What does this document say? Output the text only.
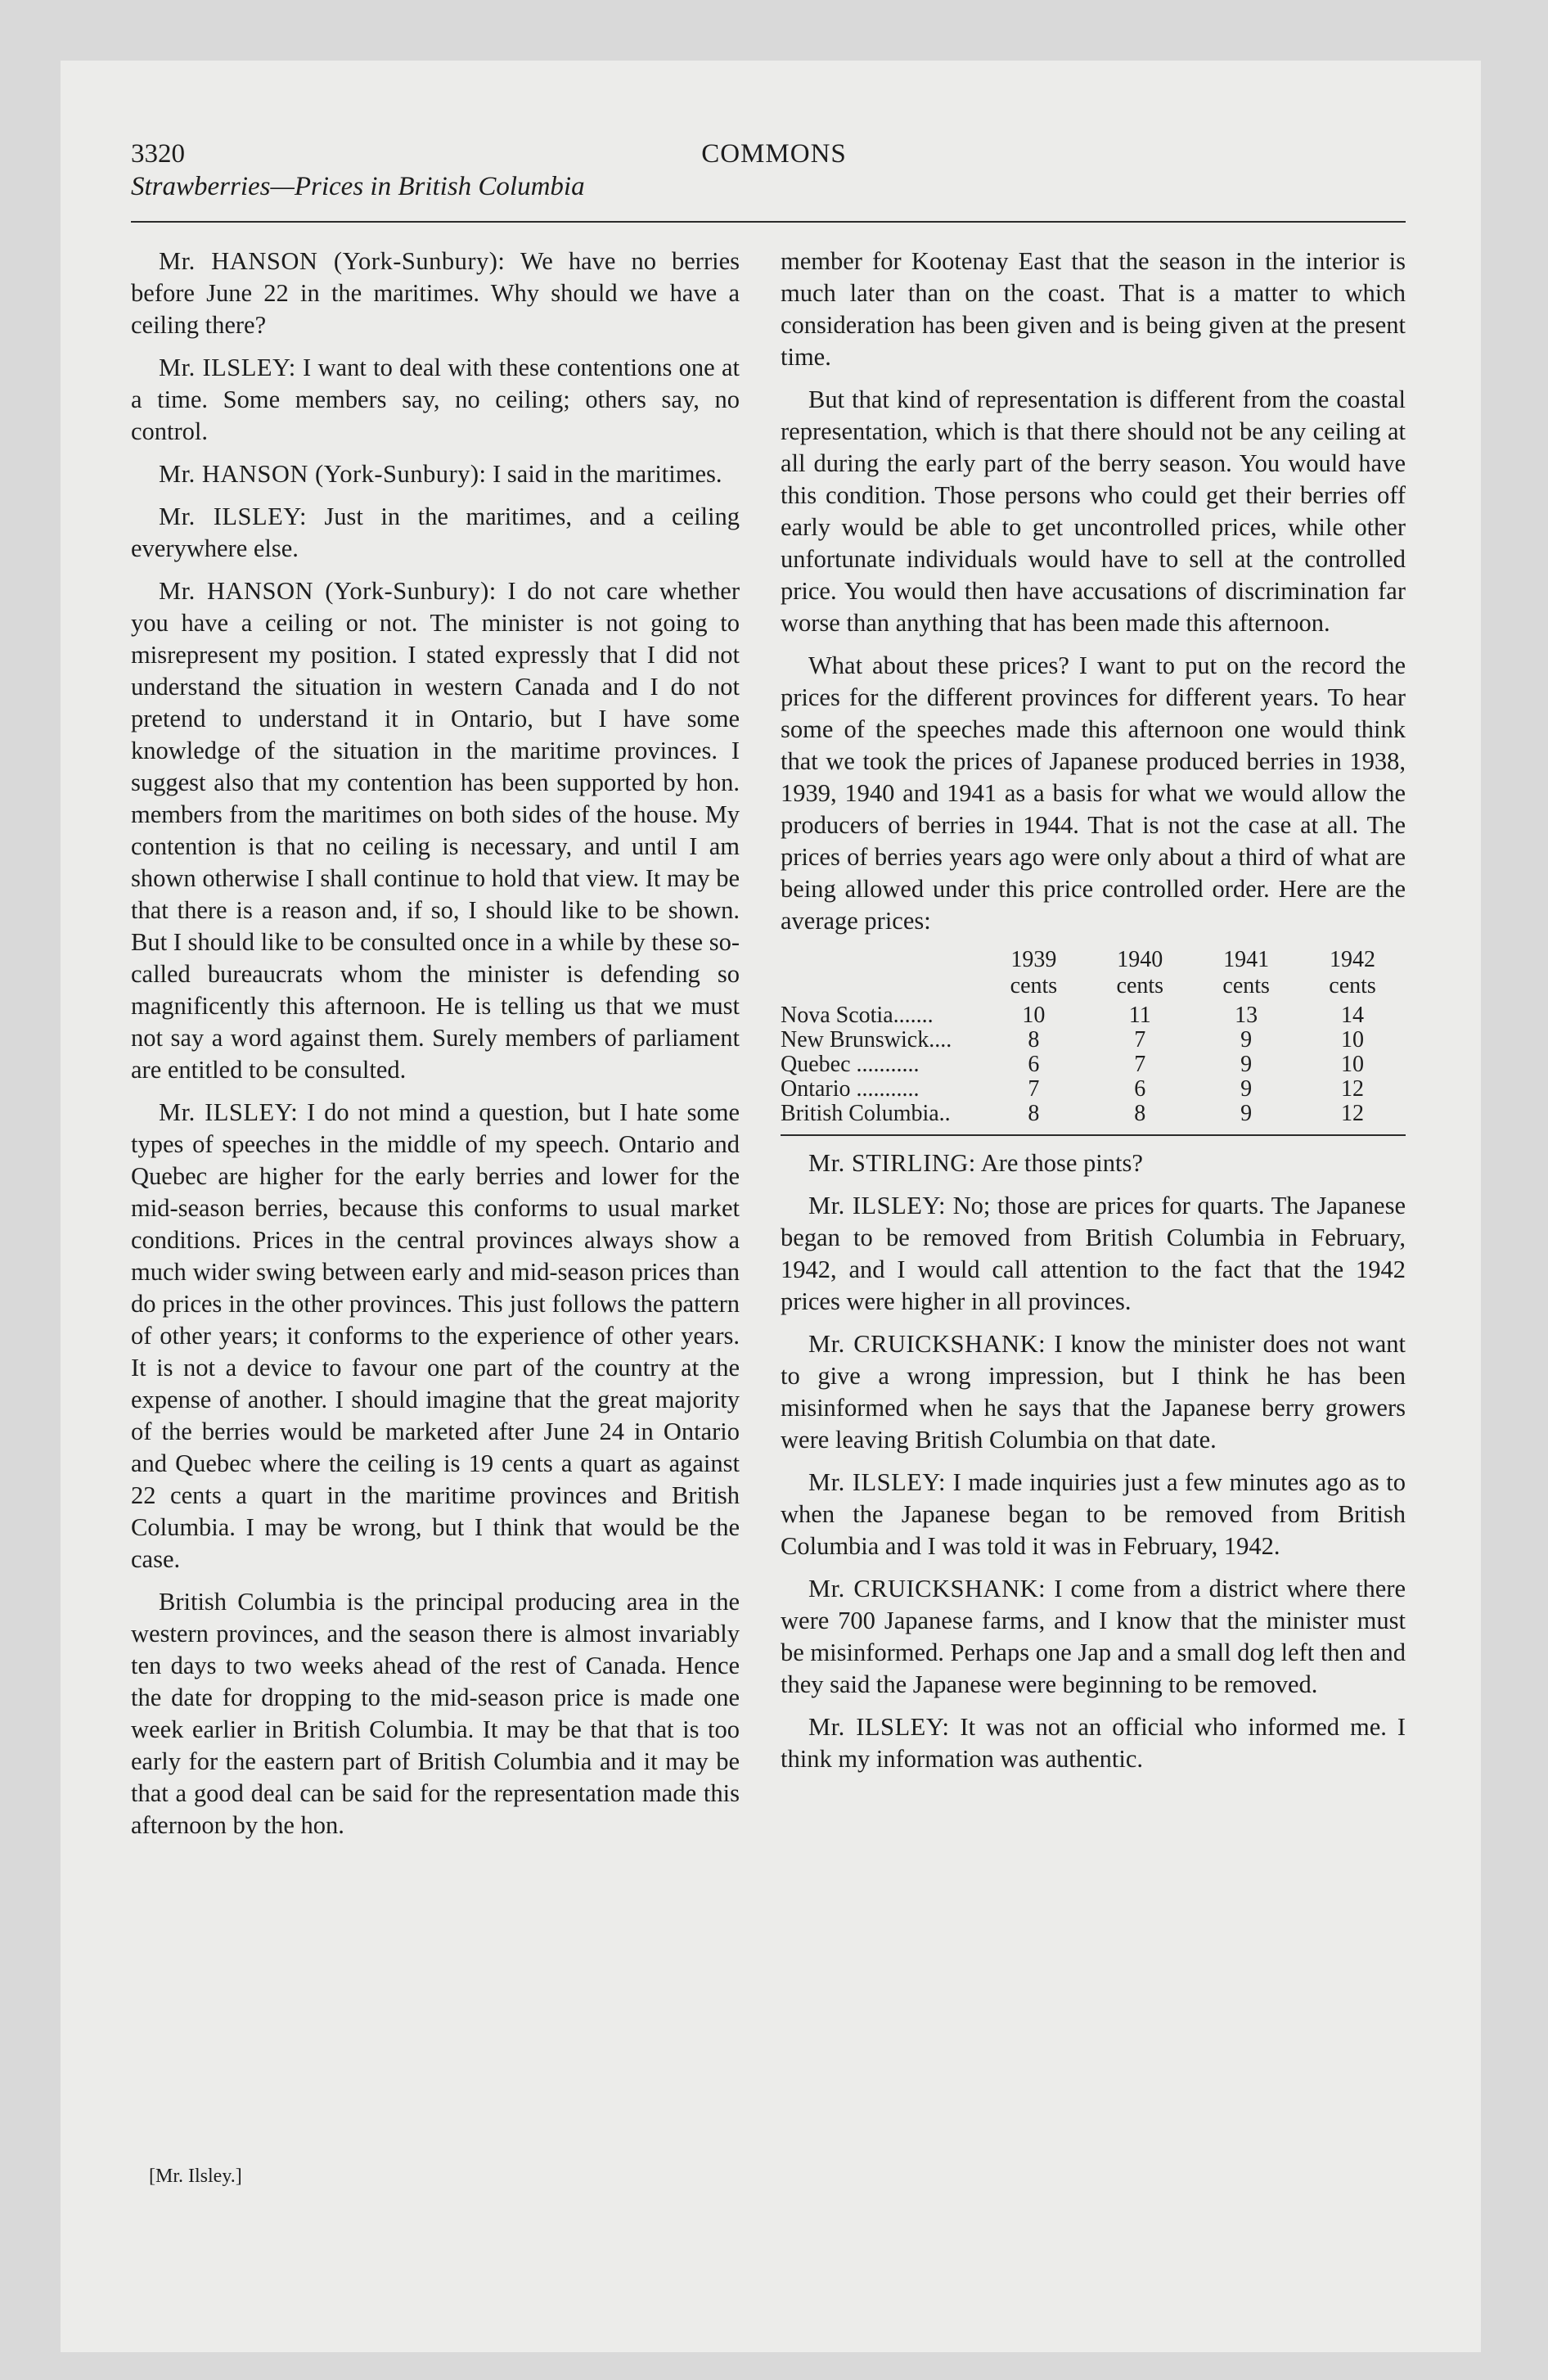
3320	COMMONS
Strawberries—Prices in British Columbia

Mr. HANSON (York-Sunbury): We have no berries before June 22 in the maritimes. Why should we have a ceiling there?

Mr. ILSLEY: I want to deal with these contentions one at a time. Some members say, no ceiling; others say, no control.

Mr. HANSON (York-Sunbury): I said in the maritimes.

Mr. ILSLEY: Just in the maritimes, and a ceiling everywhere else.

Mr. HANSON (York-Sunbury): I do not care whether you have a ceiling or not. The minister is not going to misrepresent my position. I stated expressly that I did not understand the situation in western Canada and I do not pretend to understand it in Ontario, but I have some knowledge of the situation in the maritime provinces. I suggest also that my contention has been supported by hon. members from the maritimes on both sides of the house. My contention is that no ceiling is necessary, and until I am shown otherwise I shall continue to hold that view. It may be that there is a reason and, if so, I should like to be shown. But I should like to be consulted once in a while by these so-called bureaucrats whom the minister is defending so magnificently this afternoon. He is telling us that we must not say a word against them. Surely members of parliament are entitled to be consulted.

Mr. ILSLEY: I do not mind a question, but I hate some types of speeches in the middle of my speech. Ontario and Quebec are higher for the early berries and lower for the mid-season berries, because this conforms to usual market conditions. Prices in the central provinces always show a much wider swing between early and mid-season prices than do prices in the other provinces. This just follows the pattern of other years; it conforms to the experience of other years. It is not a device to favour one part of the country at the expense of another. I should imagine that the great majority of the berries would be marketed after June 24 in Ontario and Quebec where the ceiling is 19 cents a quart as against 22 cents a quart in the maritime provinces and British Columbia. I may be wrong, but I think that would be the case.

British Columbia is the principal producing area in the western provinces, and the season there is almost invariably ten days to two weeks ahead of the rest of Canada. Hence the date for dropping to the mid-season price is made one week earlier in British Columbia. It may be that that is too early for the eastern part of British Columbia and it may be that a good deal can be said for the representation made this afternoon by the hon.

member for Kootenay East that the season in the interior is much later than on the coast. That is a matter to which consideration has been given and is being given at the present time.

But that kind of representation is different from the coastal representation, which is that there should not be any ceiling at all during the early part of the berry season. You would have this condition. Those persons who could get their berries off early would be able to get uncontrolled prices, while other unfortunate individuals would have to sell at the controlled price. You would then have accusations of discrimination far worse than anything that has been made this afternoon.

What about these prices? I want to put on the record the prices for the different provinces for different years. To hear some of the speeches made this afternoon one would think that we took the prices of Japanese produced berries in 1938, 1939, 1940 and 1941 as a basis for what we would allow the producers of berries in 1944. That is not the case at all. The prices of berries years ago were only about a third of what are being allowed under this price controlled order. Here are the average prices:

	1939	1940	1941	1942
	cents	cents	cents	cents
Nova Scotia.......	10	11	13	14
New Brunswick....	8	7	9	10
Quebec ...........	6	7	9	10
Ontario ...........	7	6	9	12
British Columbia..	8	8	9	12

Mr. STIRLING: Are those pints?

Mr. ILSLEY: No; those are prices for quarts. The Japanese began to be removed from British Columbia in February, 1942, and I would call attention to the fact that the 1942 prices were higher in all provinces.

Mr. CRUICKSHANK: I know the minister does not want to give a wrong impression, but I think he has been misinformed when he says that the Japanese berry growers were leaving British Columbia on that date.

Mr. ILSLEY: I made inquiries just a few minutes ago as to when the Japanese began to be removed from British Columbia and I was told it was in February, 1942.

Mr. CRUICKSHANK: I come from a district where there were 700 Japanese farms, and I know that the minister must be misinformed. Perhaps one Jap and a small dog left then and they said the Japanese were beginning to be removed.

Mr. ILSLEY: It was not an official who informed me. I think my information was authentic.

[Mr. Ilsley.]
